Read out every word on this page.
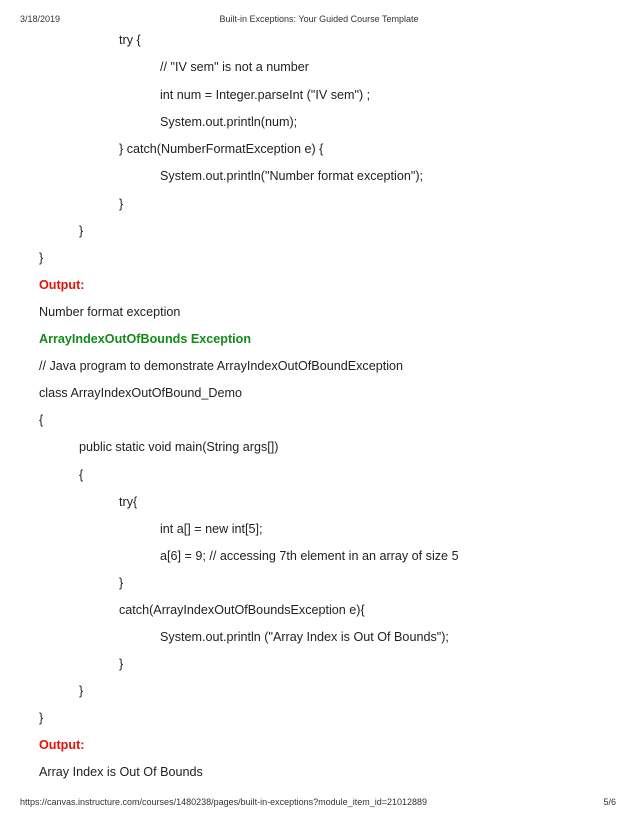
3/18/2019	Built-in Exceptions: Your Guided Course Template
try {
// "IV sem" is not a number
int num = Integer.parseInt ("IV sem") ;
System.out.println(num);
} catch(NumberFormatException e) {
System.out.println("Number format exception");
}
}
}
Output:
Number format exception
ArrayIndexOutOfBounds Exception
// Java program to demonstrate ArrayIndexOutOfBoundException
class ArrayIndexOutOfBound_Demo
{
public static void main(String args[])
{
try{
int a[] = new int[5];
a[6] = 9; // accessing 7th element in an array of size 5
}
catch(ArrayIndexOutOfBoundsException e){
System.out.println ("Array Index is Out Of Bounds");
}
}
}
Output:
Array Index is Out Of Bounds
https://canvas.instructure.com/courses/1480238/pages/built-in-exceptions?module_item_id=21012889	5/6
